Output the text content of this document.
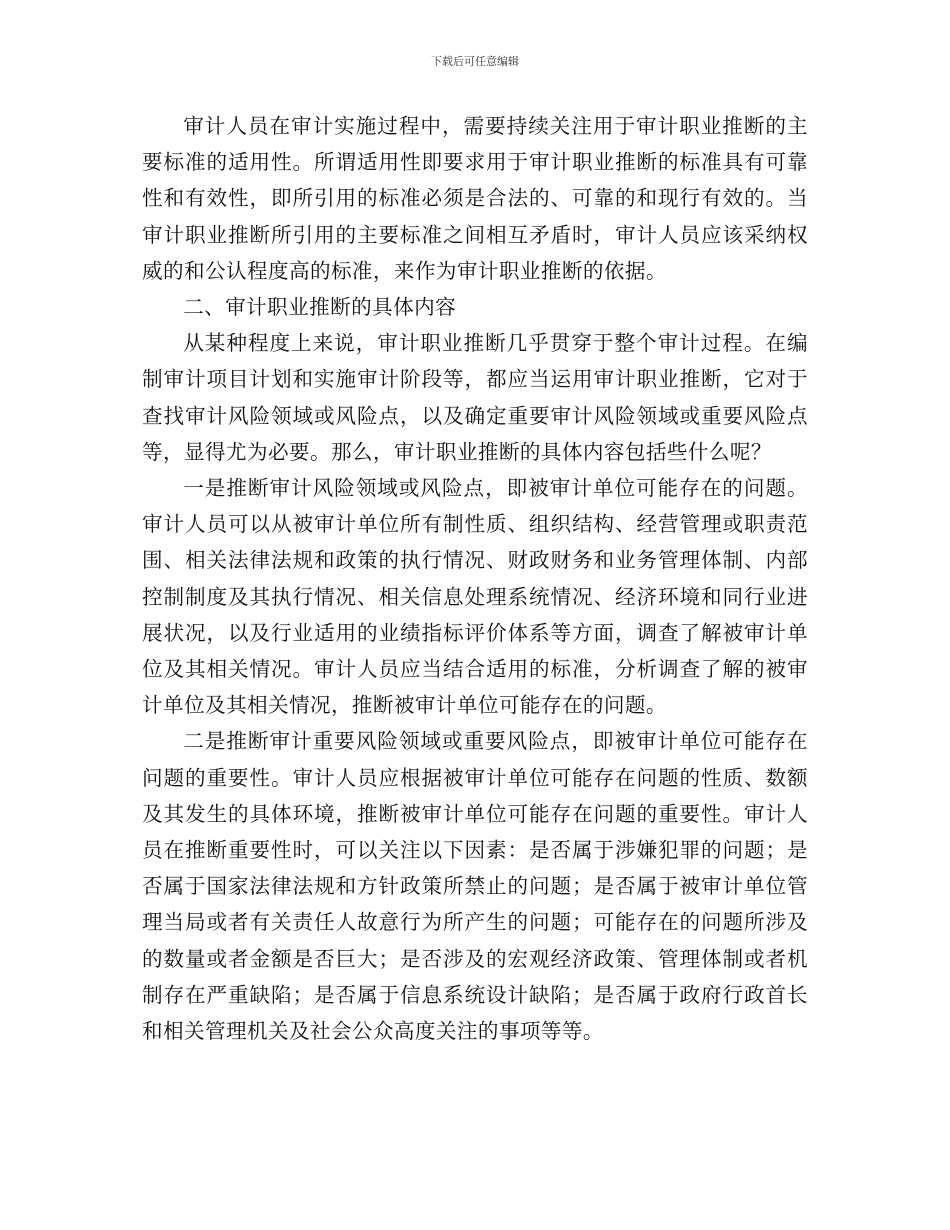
下载后可任意编辑

审计人员在审计实施过程中，需要持续关注用于审计职业推断的主要标准的适用性。所谓适用性即要求用于审计职业推断的标准具有可靠性和有效性，即所引用的标准必须是合法的、可靠的和现行有效的。当审计职业推断所引用的主要标准之间相互矛盾时，审计人员应该采纳权威的和公认程度高的标准，来作为审计职业推断的依据。

二、审计职业推断的具体内容

从某种程度上来说，审计职业推断几乎贯穿于整个审计过程。在编制审计项目计划和实施审计阶段等，都应当运用审计职业推断，它对于查找审计风险领域或风险点，以及确定重要审计风险领域或重要风险点等，显得尤为必要。那么，审计职业推断的具体内容包括些什么呢？

一是推断审计风险领域或风险点，即被审计单位可能存在的问题。审计人员可以从被审计单位所有制性质、组织结构、经营管理或职责范围、相关法律法规和政策的执行情况、财政财务和业务管理体制、内部控制制度及其执行情况、相关信息处理系统情况、经济环境和同行业进展状况，以及行业适用的业绩指标评价体系等方面，调查了解被审计单位及其相关情况。审计人员应当结合适用的标准，分析调查了解的被审计单位及其相关情况，推断被审计单位可能存在的问题。

二是推断审计重要风险领域或重要风险点，即被审计单位可能存在问题的重要性。审计人员应根据被审计单位可能存在问题的性质、数额及其发生的具体环境，推断被审计单位可能存在问题的重要性。审计人员在推断重要性时，可以关注以下因素：是否属于涉嫌犯罪的问题；是否属于国家法律法规和方针政策所禁止的问题；是否属于被审计单位管理当局或者有关责任人故意行为所产生的问题；可能存在的问题所涉及的数量或者金额是否巨大；是否涉及的宏观经济政策、管理体制或者机制存在严重缺陷；是否属于信息系统设计缺陷；是否属于政府行政首长和相关管理机关及社会公众高度关注的事项等等。
